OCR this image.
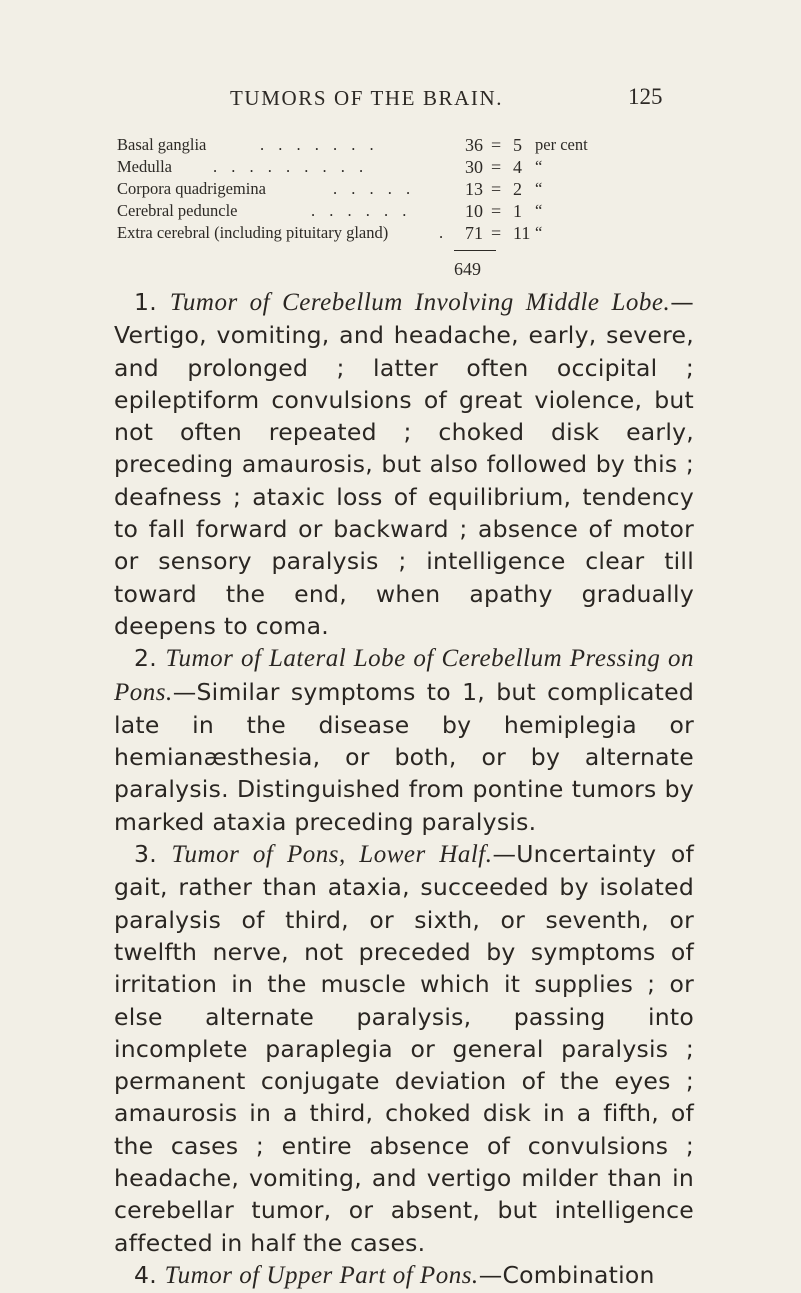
TUMORS OF THE BRAIN.	125
Basal ganglia	. . . . . . .	36 = 5 per cent
Medulla . . . . . . . . .	30 = 4 “
Corpora quadrigemina	. . . . .	13 = 2 “
Cerebral peduncle	. . . . . .	10 = 1 “
Extra cerebral (including pituitary gland)	. 71 = 11 “
649

1. Tumor of Cerebellum Involving Middle Lobe.—Vertigo, vomiting, and headache, early, severe, and prolonged ; latter often occipital ; epileptiform convulsions of great violence, but not often repeated ; choked disk early, preceding amaurosis, but also followed by this ; deafness ; ataxic loss of equilibrium, tendency to fall forward or backward ; absence of motor or sensory paralysis ; intelligence clear till toward the end, when apathy gradually deepens to coma.

2. Tumor of Lateral Lobe of Cerebellum Pressing on Pons.—Similar symptoms to 1, but complicated late in the disease by hemiplegia or hemianæsthesia, or both, or by alternate paralysis. Distinguished from pontine tumors by marked ataxia preceding paralysis.

3. Tumor of Pons, Lower Half.—Uncertainty of gait, rather than ataxia, succeeded by isolated paralysis of third, or sixth, or seventh, or twelfth nerve, not preceded by symptoms of irritation in the muscle which it supplies ; or else alternate paralysis, passing into incomplete paraplegia or general paralysis ; permanent conjugate deviation of the eyes ; amaurosis in a third, choked disk in a fifth, of the cases ; entire absence of convulsions ; headache, vomiting, and vertigo milder than in cerebellar tumor, or absent, but intelligence affected in half the cases.

4. Tumor of Upper Part of Pons.—Combination
